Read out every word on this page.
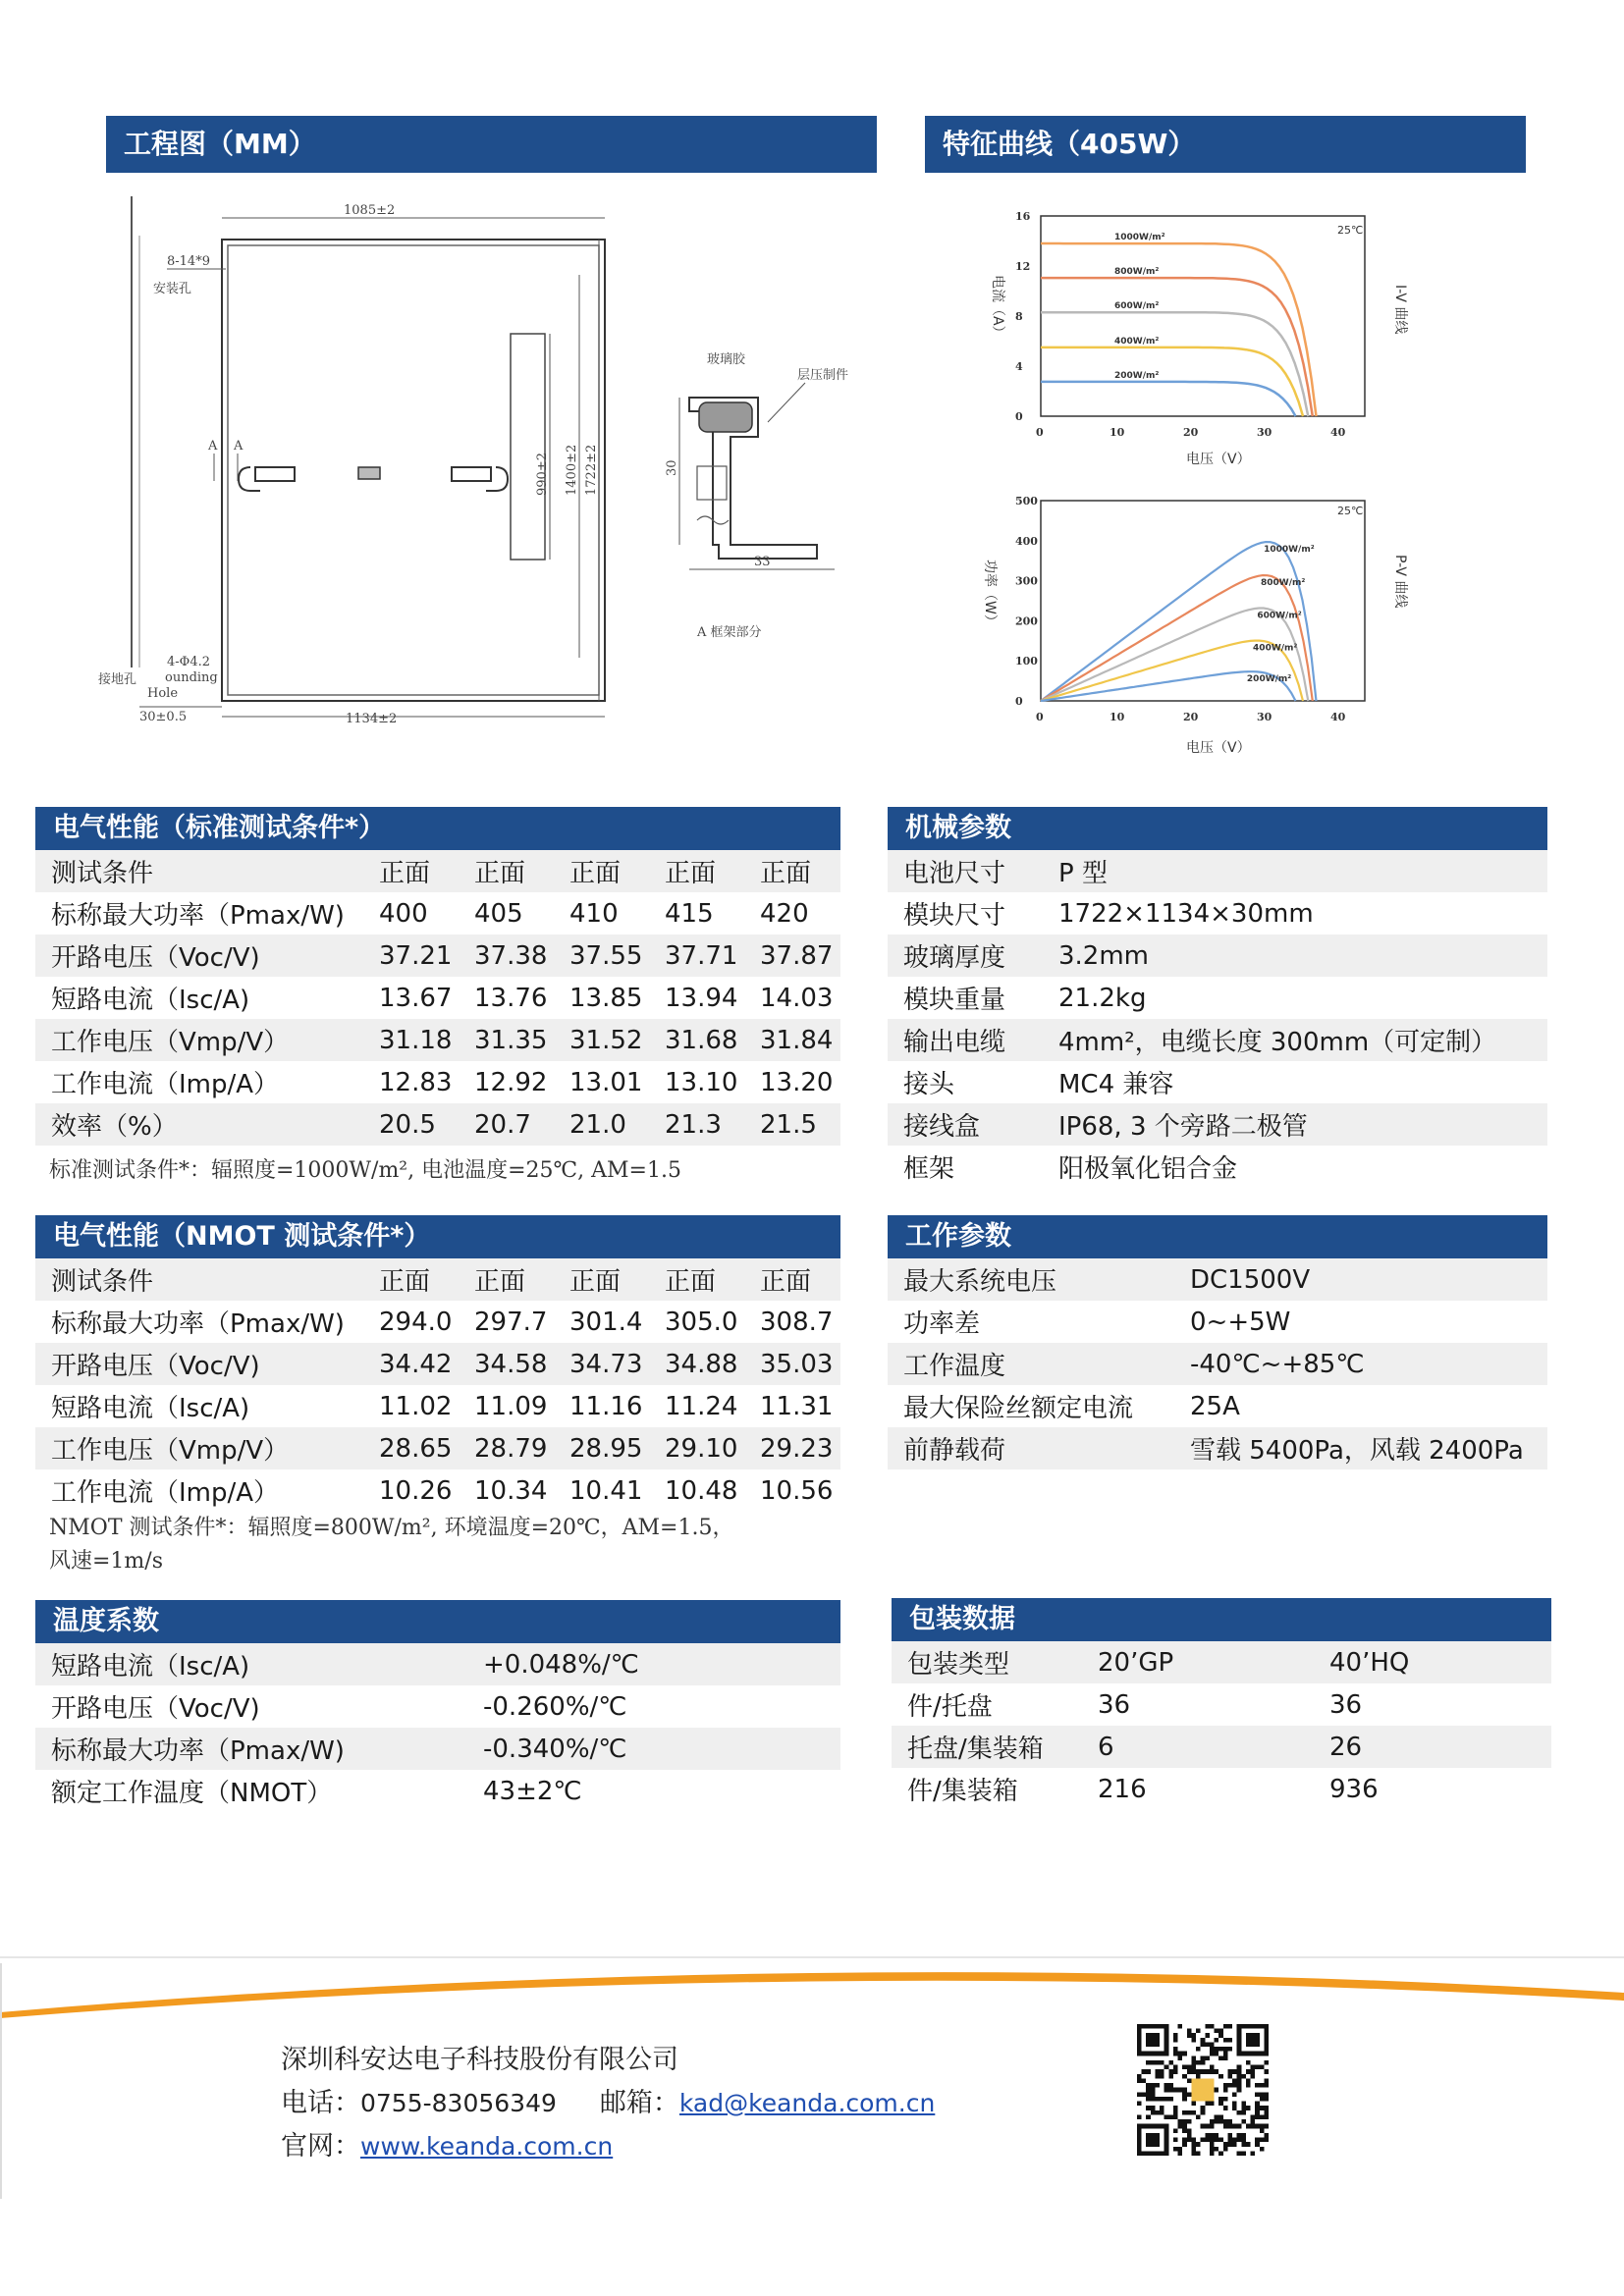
工程图（MM）	特征曲线（405W）
1085±2
1134±2
990±2 1400±2 1722±2
A A
8-14*9
安装孔
4-Φ4.2
ounding
Hole
接地孔
30±0.5
玻璃胶
层压制件
30
33
A 框架部分
16
12
8
4
0
0	10	20	30	40
1000W/m²
800W/m²
600W/m²
400W/m²
200W/m²
25℃
电流（A）	I-V 曲线
电压（V）
500
400
300
200
100
0
0	10	20	30	40
1000W/m²
800W/m²
600W/m²
400W/m²
200W/m²
25℃
功率（W）	P-V 曲线
电压（V）
电气性能（标准测试条件*）
测试条件	正面	正面	正面	正面	正面
标称最大功率（Pmax/W)	400	405	410	415	420
开路电压（Voc/V)	37.21	37.38	37.55	37.71	37.87
短路电流（Isc/A)	13.67	13.76	13.85	13.94	14.03
工作电压（Vmp/V）	31.18	31.35	31.52	31.68	31.84
工作电流（Imp/A）	12.83	12.92	13.01	13.10	13.20
效率（%）	20.5	20.7	21.0	21.3	21.5
标准测试条件*：辐照度=1000W/m², 电池温度=25℃, AM=1.5
电气性能（NMOT 测试条件*）
测试条件	正面	正面	正面	正面	正面
标称最大功率（Pmax/W)	294.0	297.7	301.4	305.0	308.7
开路电压（Voc/V)	34.42	34.58	34.73	34.88	35.03
短路电流（Isc/A)	11.02	11.09	11.16	11.24	11.31
工作电压（Vmp/V）	28.65	28.79	28.95	29.10	29.23
工作电流（Imp/A）	10.26	10.34	10.41	10.48	10.56
NMOT 测试条件*：辐照度=800W/m², 环境温度=20℃，AM=1.5，
风速=1m/s
温度系数
短路电流（Isc/A)	+0.048%/℃
开路电压（Voc/V)	-0.260%/℃
标称最大功率（Pmax/W)	-0.340%/℃
额定工作温度（NMOT）	43±2℃
机械参数
电池尺寸	P 型
模块尺寸	1722×1134×30mm
玻璃厚度	3.2mm
模块重量	21.2kg
输出电缆	4mm²，电缆长度 300mm（可定制）
接头	MC4 兼容
接线盒	IP68, 3 个旁路二极管
框架	阳极氧化铝合金
工作参数
最大系统电压	DC1500V
功率差	0~+5W
工作温度	-40℃~+85℃
最大保险丝额定电流	25A
前静载荷	雪载 5400Pa，风载 2400Pa
包装数据
包装类型	20’GP	40’HQ
件/托盘	36	36
托盘/集装箱	6	26
件/集装箱	216	936
深圳科安达电子科技股份有限公司
电话：0755-83056349 邮箱：kad@keanda.com.cn
官网：www.keanda.com.cn
